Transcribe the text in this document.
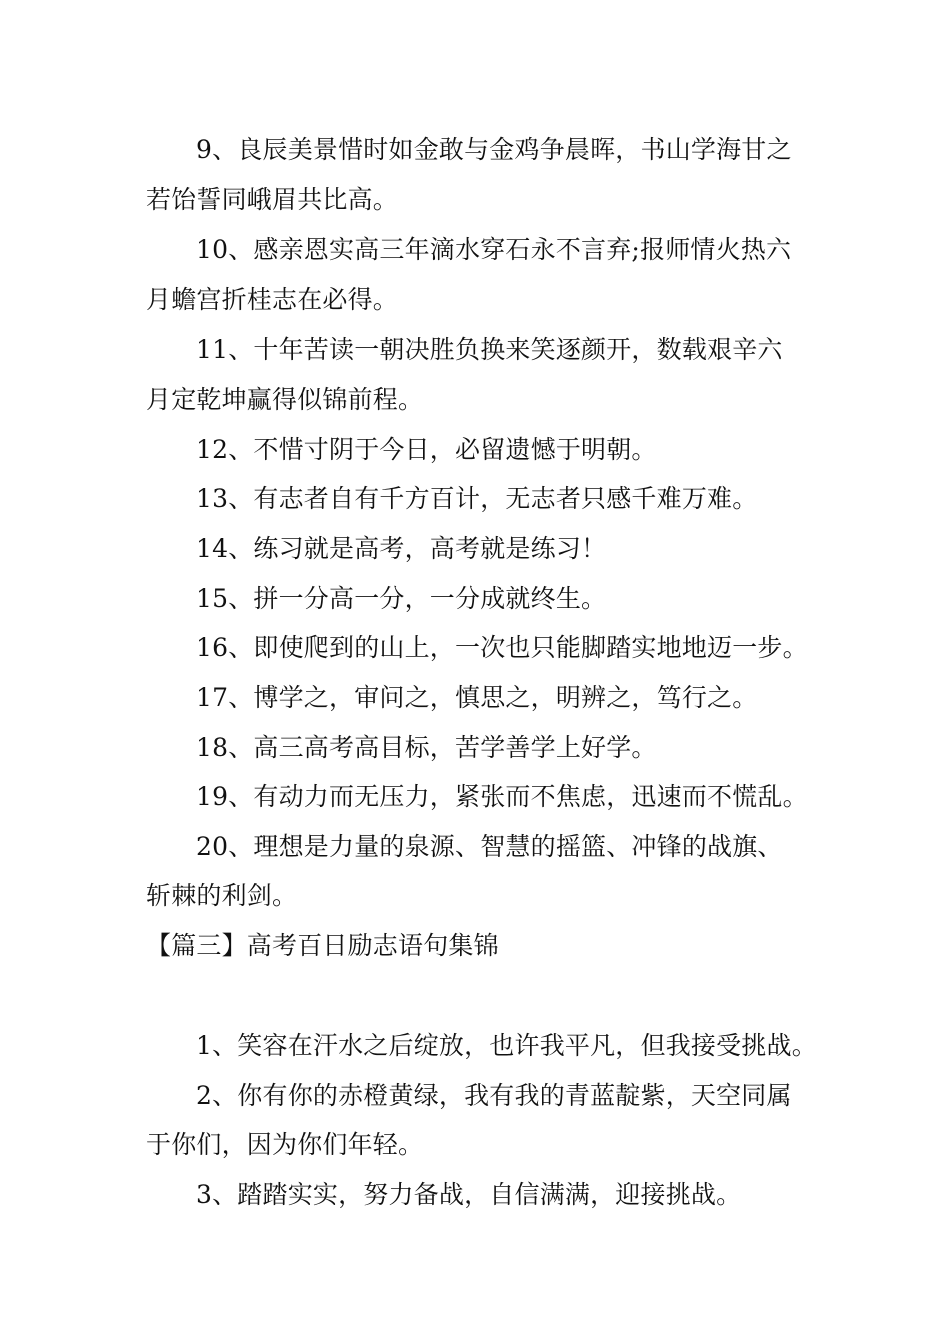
9、良辰美景惜时如金敢与金鸡争晨晖，书山学海甘之
若饴誓同峨眉共比高。
10、感亲恩实高三年滴水穿石永不言弃;报师情火热六
月蟾宫折桂志在必得。
11、十年苦读一朝决胜负换来笑逐颜开，数载艰辛六
月定乾坤赢得似锦前程。
12、不惜寸阴于今日，必留遗憾于明朝。
13、有志者自有千方百计，无志者只感千难万难。
14、练习就是高考，高考就是练习！
15、拼一分高一分，一分成就终生。
16、即使爬到的山上，一次也只能脚踏实地地迈一步。
17、博学之，审问之，慎思之，明辨之，笃行之。
18、高三高考高目标，苦学善学上好学。
19、有动力而无压力，紧张而不焦虑，迅速而不慌乱。
20、理想是力量的泉源、智慧的摇篮、冲锋的战旗、
斩棘的利剑。
【篇三】高考百日励志语句集锦
1、笑容在汗水之后绽放，也许我平凡，但我接受挑战。
2、你有你的赤橙黄绿，我有我的青蓝靛紫，天空同属
于你们，因为你们年轻。
3、踏踏实实，努力备战，自信满满，迎接挑战。
